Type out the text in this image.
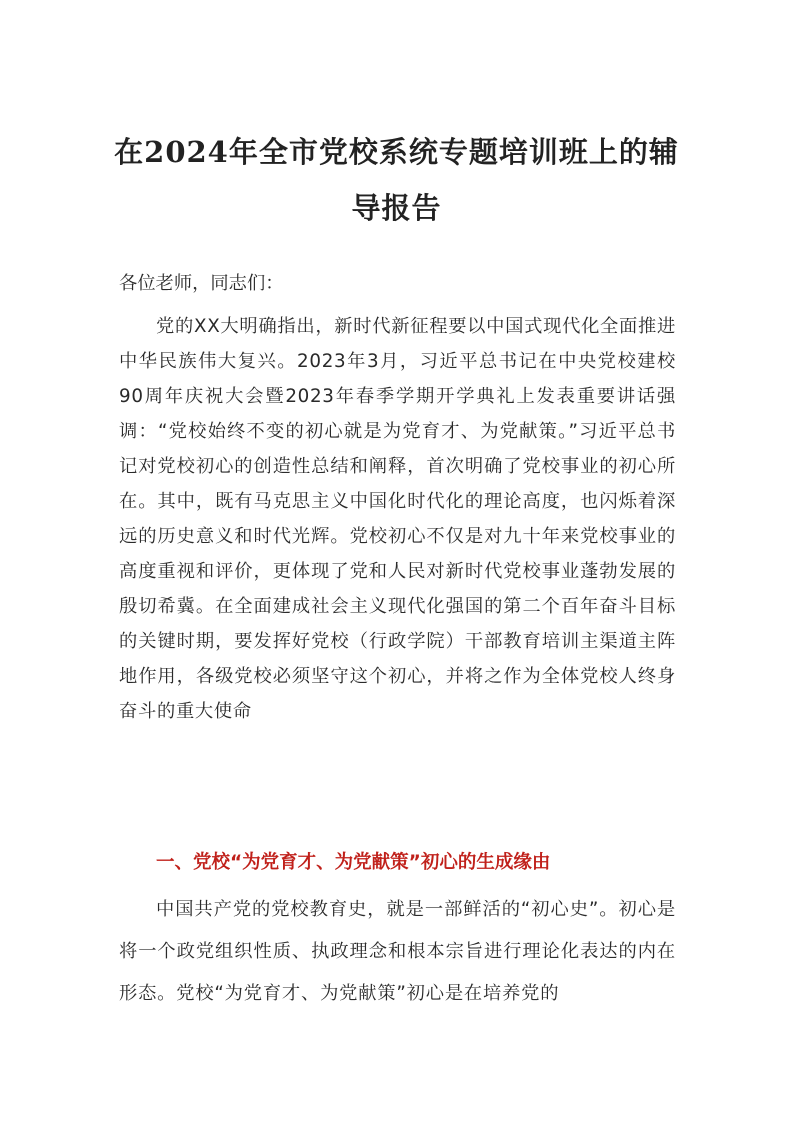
在2024年全市党校系统专题培训班上的辅
导报告

各位老师，同志们：

党的XX大明确指出，新时代新征程要以中国式现代化全面推进中华民族伟大复兴。2023年3月，习近平总书记在中央党校建校90周年庆祝大会暨2023年春季学期开学典礼上发表重要讲话强调：“党校始终不变的初心就是为党育才、为党献策。”习近平总书记对党校初心的创造性总结和阐释，首次明确了党校事业的初心所在。其中，既有马克思主义中国化时代化的理论高度，也闪烁着深远的历史意义和时代光辉。党校初心不仅是对九十年来党校事业的高度重视和评价，更体现了党和人民对新时代党校事业蓬勃发展的殷切希冀。在全面建成社会主义现代化强国的第二个百年奋斗目标的关键时期，要发挥好党校（行政学院）干部教育培训主渠道主阵地作用，各级党校必须坚守这个初心，并将之作为全体党校人终身奋斗的重大使命

一、党校“为党育才、为党献策”初心的生成缘由

中国共产党的党校教育史，就是一部鲜活的“初心史”。初心是将一个政党组织性质、执政理念和根本宗旨进行理论化表达的内在形态。党校“为党育才、为党献策”初心是在培养党的
